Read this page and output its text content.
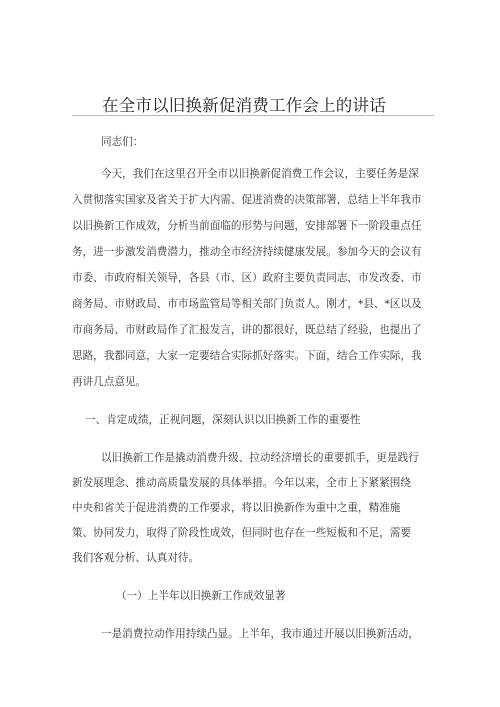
在全市以旧换新促消费工作会上的讲话
同志们：
今天，我们在这里召开全市以旧换新促消费工作会议，主要任务是深
入贯彻落实国家及省关于扩大内需、促进消费的决策部署，总结上半年我市
以旧换新工作成效，分析当前面临的形势与问题，安排部署下一阶段重点任
务，进一步激发消费潜力，推动全市经济持续健康发展。参加今天的会议有
市委、市政府相关领导，各县（市、区）政府主要负责同志，市发改委、市
商务局、市财政局、市市场监管局等相关部门负责人。刚才，*县、*区以及
市商务局、市财政局作了汇报发言，讲的都很好，既总结了经验，也提出了
思路，我都同意，大家一定要结合实际抓好落实。下面，结合工作实际，我
再讲几点意见。
一、肯定成绩，正视问题，深刻认识以旧换新工作的重要性
以旧换新工作是撬动消费升级、拉动经济增长的重要抓手，更是践行
新发展理念、推动高质量发展的具体举措。今年以来，全市上下紧紧围绕
中央和省关于促进消费的工作要求，将以旧换新作为重中之重，精准施
策、协同发力，取得了阶段性成效，但同时也存在一些短板和不足，需要
我们客观分析、认真对待。
（一）上半年以旧换新工作成效显著
一是消费拉动作用持续凸显。上半年，我市通过开展以旧换新活动，
